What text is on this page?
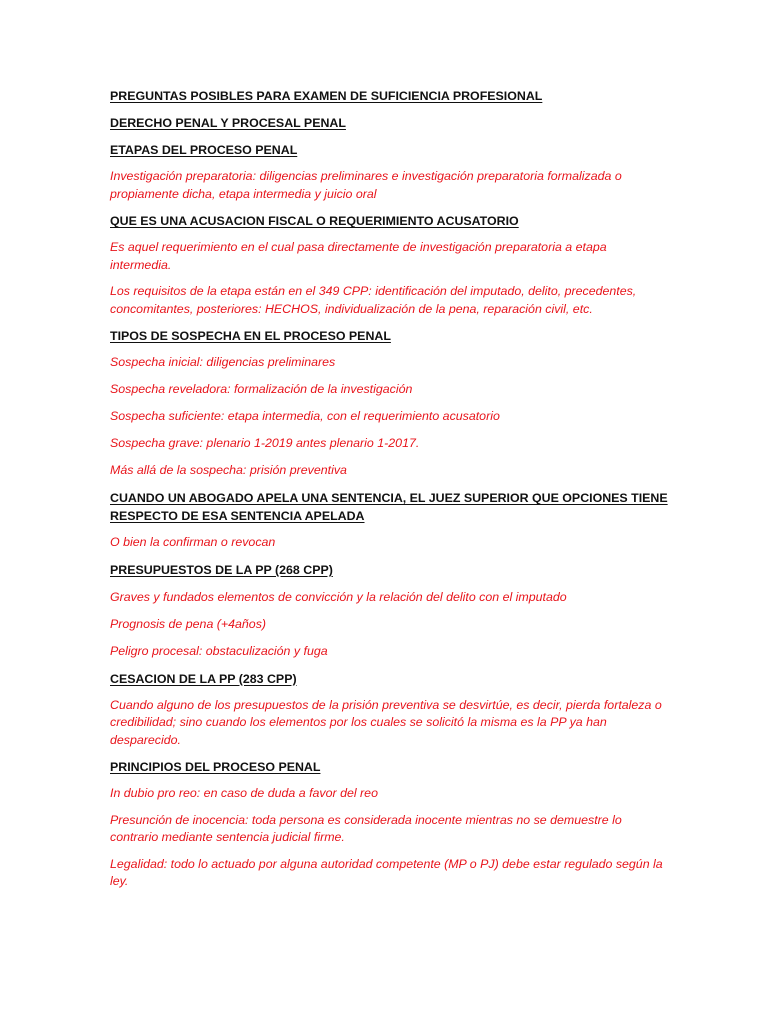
PREGUNTAS POSIBLES PARA EXAMEN DE SUFICIENCIA PROFESIONAL

DERECHO PENAL Y PROCESAL PENAL

ETAPAS DEL PROCESO PENAL

Investigación preparatoria: diligencias preliminares e investigación preparatoria formalizada o propiamente dicha, etapa intermedia y juicio oral

QUE ES UNA ACUSACION FISCAL O REQUERIMIENTO ACUSATORIO

Es aquel requerimiento en el cual pasa directamente de investigación preparatoria a etapa intermedia.

Los requisitos de la etapa están en el 349 CPP: identificación del imputado, delito, precedentes, concomitantes, posteriores: HECHOS, individualización de la pena, reparación civil, etc.

TIPOS DE SOSPECHA EN EL PROCESO PENAL

Sospecha inicial: diligencias preliminares

Sospecha reveladora: formalización de la investigación

Sospecha suficiente: etapa intermedia, con el requerimiento acusatorio

Sospecha grave: plenario 1-2019 antes plenario 1-2017.

Más allá de la sospecha: prisión preventiva

CUANDO UN ABOGADO APELA UNA SENTENCIA, EL JUEZ SUPERIOR QUE OPCIONES TIENE RESPECTO DE ESA SENTENCIA APELADA

O bien la confirman o revocan

PRESUPUESTOS DE LA PP (268 CPP)

Graves y fundados elementos de convicción y la relación del delito con el imputado

Prognosis de pena (+4años)

Peligro procesal: obstaculización y fuga

CESACION DE LA PP (283 CPP)

Cuando alguno de los presupuestos de la prisión preventiva se desvirtúe, es decir, pierda fortaleza o credibilidad; sino cuando los elementos por los cuales se solicitó la misma es la PP ya han desparecido.

PRINCIPIOS DEL PROCESO PENAL

In dubio pro reo: en caso de duda a favor del reo

Presunción de inocencia: toda persona es considerada inocente mientras no se demuestre lo contrario mediante sentencia judicial firme.

Legalidad: todo lo actuado por alguna autoridad competente (MP o PJ) debe estar regulado según la ley.
